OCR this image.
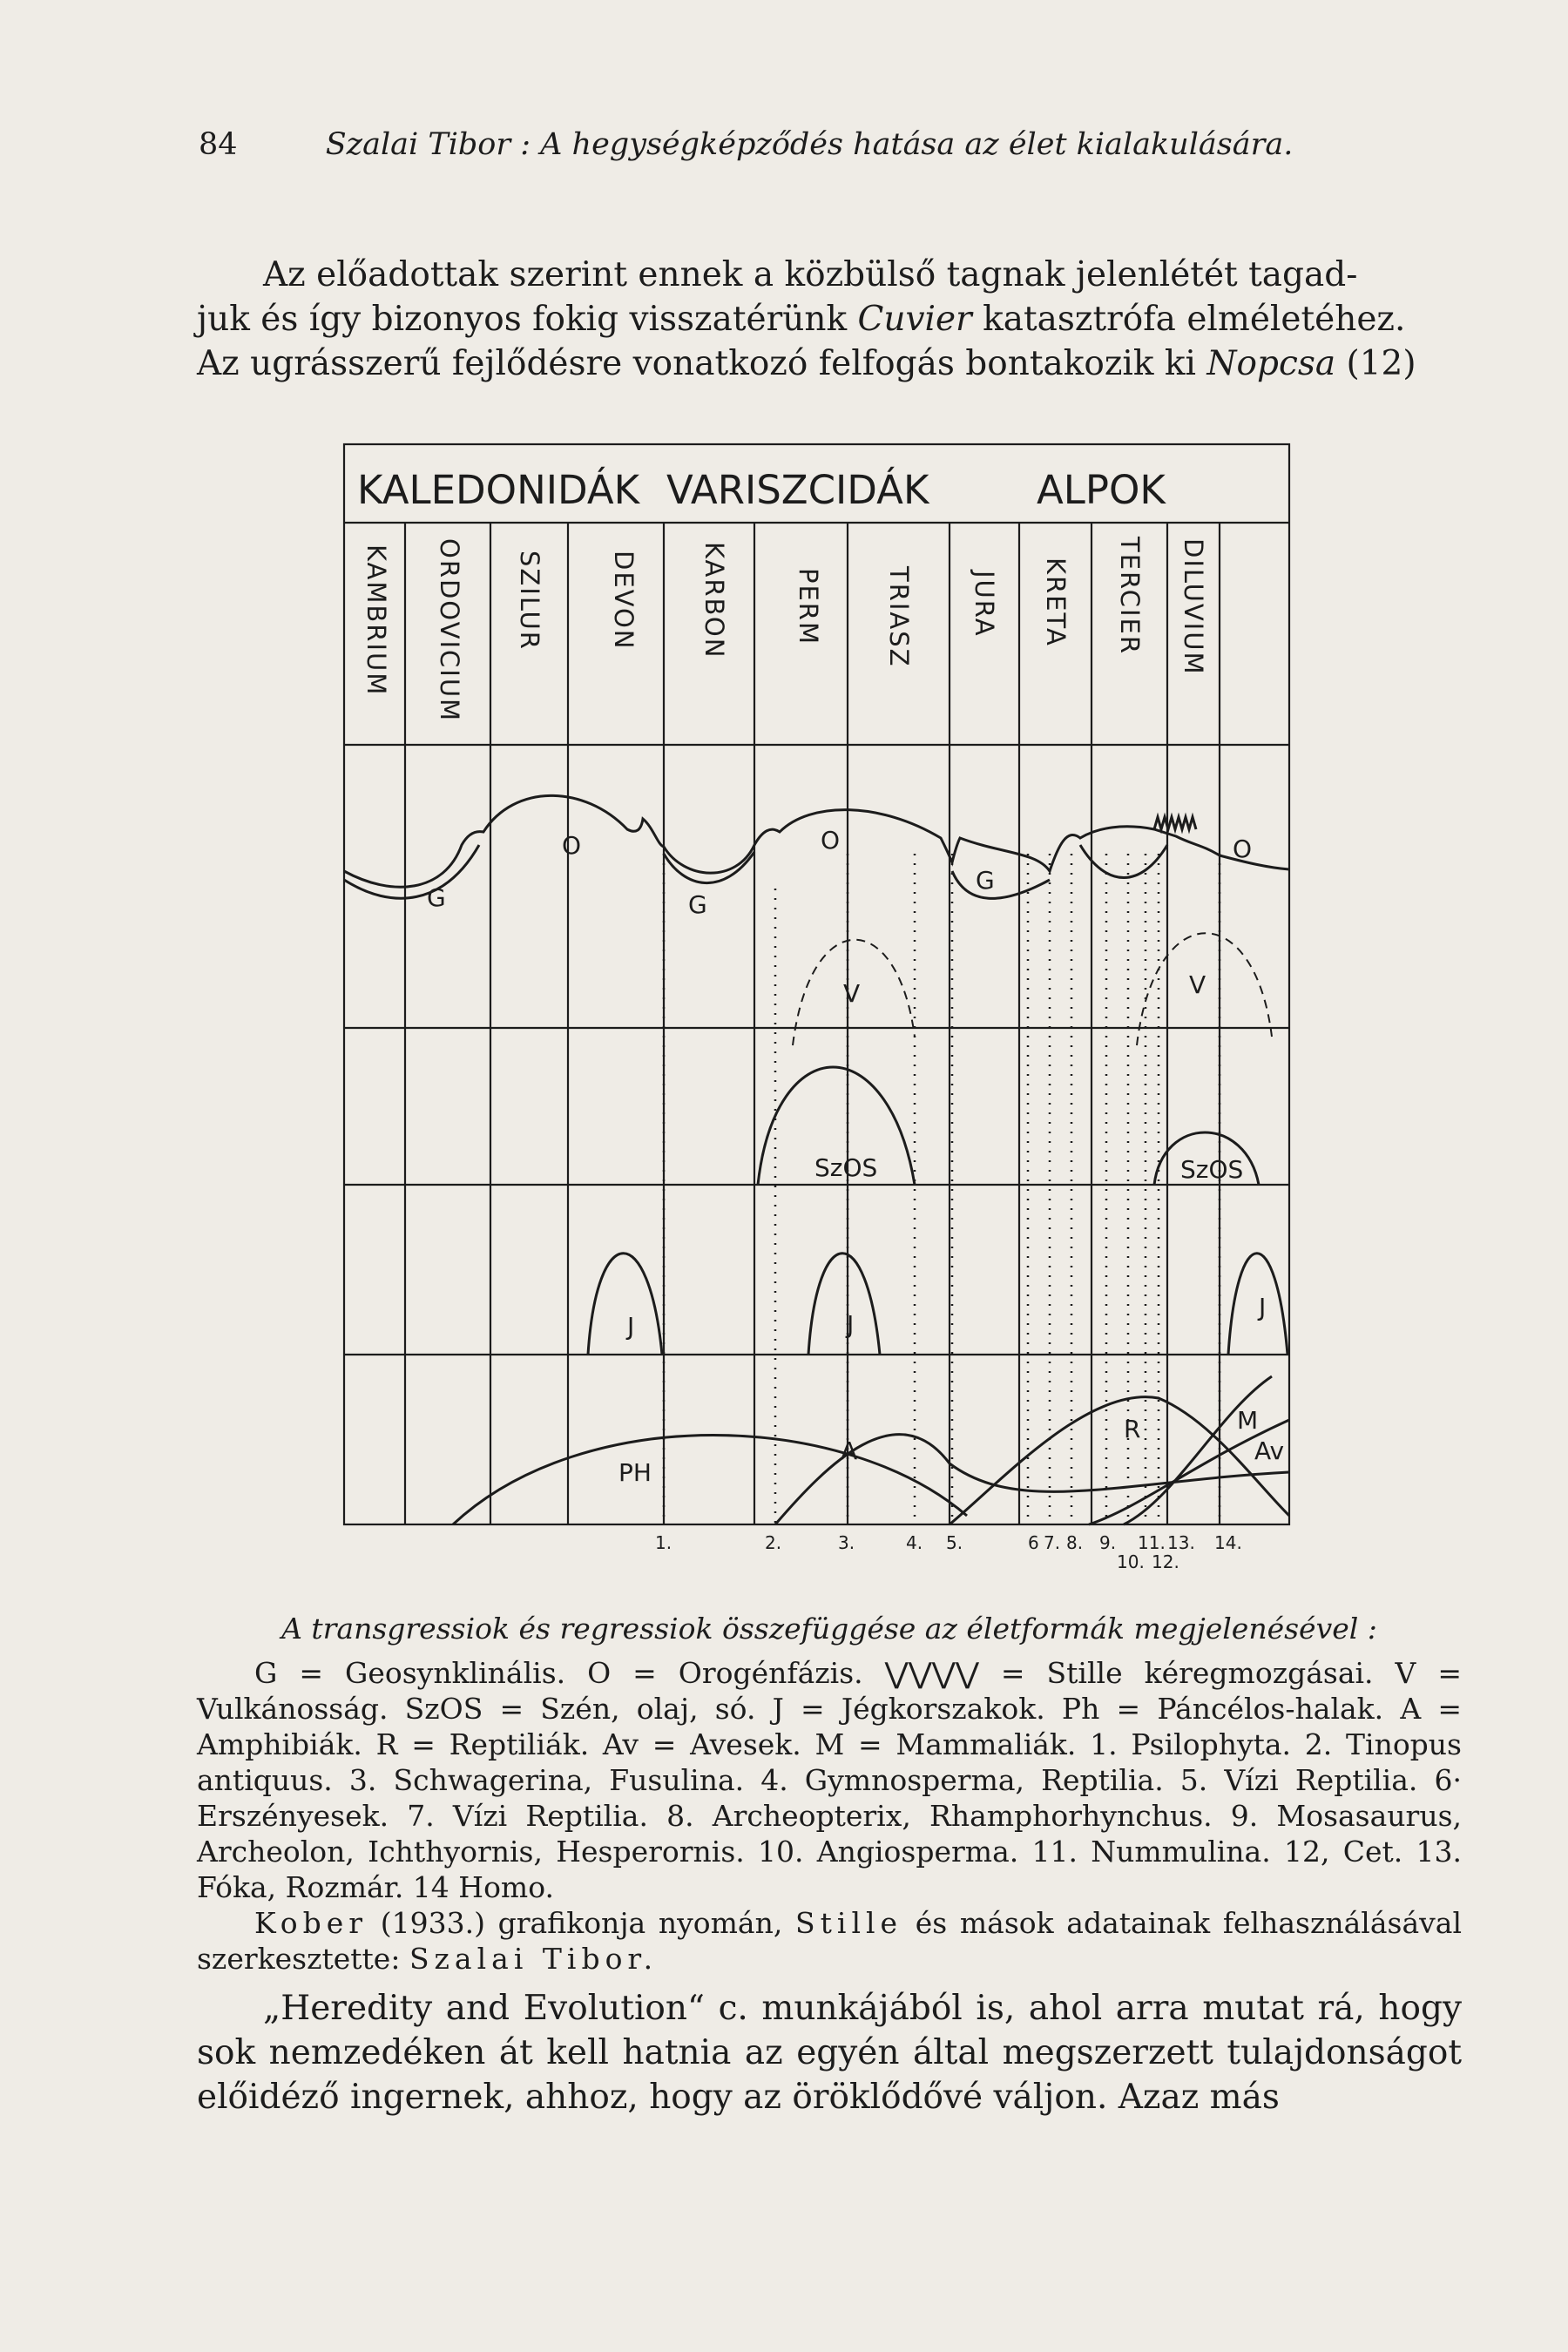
84	Szalai Tibor : A hegységképződés hatása az élet kialakulására.
Az előadottak szerint ennek a közbülső tagnak jelenlétét tagad-
juk és így bizonyos fokig visszatérünk Cuvier katasztrófa elméletéhez.
Az ugrásszerű fejlődésre vonatkozó felfogás bontakozik ki Nopcsa (12)
KALEDONIDÁK VARISZCIDÁK	ALPOK
KAMBRIUM ORDOVICIUM SZILUR	DEVON KARBON	PERM TRIASZ JURA KRETA TERCIER DILUVIUM
G
O
G
O
G
O
V	V
SzOS	SzOS
J	J
J
PH
A
R
Av
M
1.	2.	3.	4. 5.	6 7. 8. 9.
10.
11.
12.
13. 14.
A transgressiok és regressiok összefüggése az életformák megjelenésével :
G = Geosynklinális. O = Orogénfázis. ⋁⋁⋁⋁ = Stille kéregmozgásai. V = Vulkánosság. SzOS = Szén, olaj, só. J = Jégkorszakok. Ph = Páncélos-halak. A = Amphibiák. R = Reptiliák. Av = Avesek. M = Mammaliák. 1. Psilophyta. 2. Tinopus antiquus. 3. Schwagerina, Fusulina. 4. Gymnosperma, Reptilia. 5. Vízi Reptilia. 6· Erszényesek. 7. Vízi Reptilia. 8. Archeopterix, Rhamphorhynchus. 9. Mosasaurus, Archeolon, Ichthyornis, Hesperornis. 10. Angiosperma. 11. Nummulina. 12, Cet. 13. Fóka, Rozmár. 14 Homo.
Kober (1933.) grafikonja nyomán, Stille és mások adatainak felhasználásával szerkesztette: Szalai Tibor.
„Heredity and Evolution“ c. munkájából is, ahol arra mutat rá, hogy sok nemzedéken át kell hatnia az egyén által megszerzett tulajdonságot előidéző ingernek, ahhoz, hogy az öröklődővé váljon. Azaz más
